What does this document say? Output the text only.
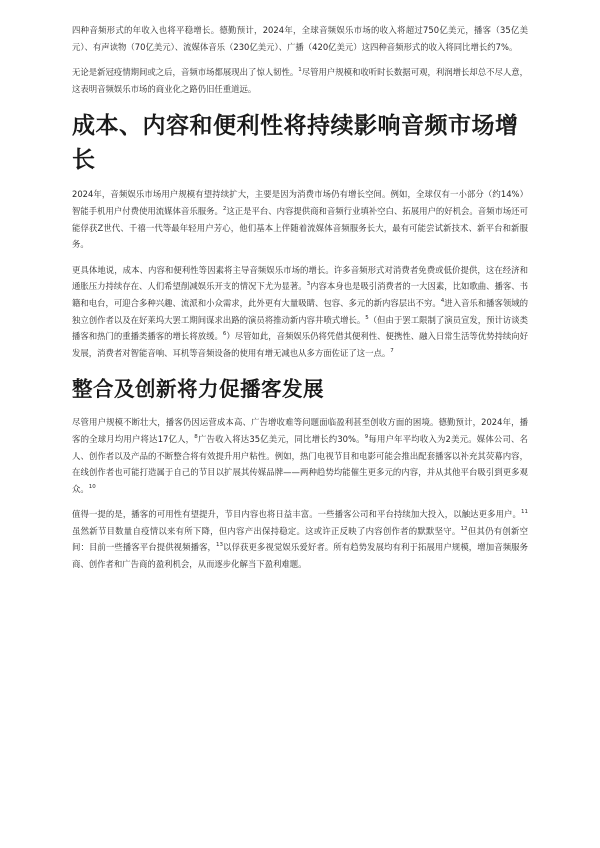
四种音频形式的年收入也将平稳增长。德勤预计，2024年，全球音频娱乐市场的收入将超过750亿美元，播客（35亿美元）、有声读物（70亿美元）、流媒体音乐（230亿美元）、广播（420亿美元）这四种音频形式的收入将同比增长约7%。

无论是新冠疫情期间或之后，音频市场都展现出了惊人韧性。$^1$尽管用户规模和收听时长数据可观，利润增长却总不尽人意，这表明音频娱乐市场的商业化之路仍旧任重道远。

成本、内容和便利性将持续影响音频市场增长

2024年，音频娱乐市场用户规模有望持续扩大，主要是因为消费市场仍有增长空间。例如，全球仅有一小部分（约14%）智能手机用户付费使用流媒体音乐服务。$^2$这正是平台、内容提供商和音频行业填补空白、拓展用户的好机会。音频市场还可能俘获Z世代、千禧一代等最年轻用户芳心，他们基本上伴随着流媒体音频服务长大，最有可能尝试新技术、新平台和新服务。

更具体地说，成本、内容和便利性等因素将主导音频娱乐市场的增长。许多音频形式对消费者免费或低价提供，这在经济和通胀压力持续存在、人们希望削减娱乐开支的情况下尤为显著。$^3$内容本身也是吸引消费者的一大因素，比如歌曲、播客、书籍和电台，可迎合多种兴趣、流派和小众需求，此外更有大量吸睛、包容、多元的新内容层出不穷。$^4$进入音乐和播客领域的独立创作者以及在好莱坞大罢工期间谋求出路的演员将推动新内容井喷式增长。$^5$（但由于罢工限制了演员宣发，预计访谈类播客和热门的重播类播客的增长将放缓。$^6$）尽管如此，音频娱乐仍将凭借其便利性、便携性、融入日常生活等优势持续向好发展，消费者对智能音响、耳机等音频设备的使用有增无减也从多方面佐证了这一点。$^7$

整合及创新将力促播客发展

尽管用户规模不断壮大，播客仍因运营成本高、广告增收难等问题面临盈利甚至创收方面的困境。德勤预计，2024年，播客的全球月均用户将达17亿人，$^8$广告收入将达35亿美元，同比增长约30%。$^9$每用户年平均收入为2美元。媒体公司、名人、创作者以及产品的不断整合将有效提升用户粘性。例如，热门电视节目和电影可能会推出配套播客以补充其荧幕内容，在线创作者也可能打造属于自己的节目以扩展其传媒品牌——两种趋势均能催生更多元的内容，并从其他平台吸引到更多观众。$^{10}$

值得一提的是，播客的可用性有望提升，节目内容也将日益丰富。一些播客公司和平台持续加大投入，以触达更多用户。$^{11}$虽然新节目数量自疫情以来有所下降，但内容产出保持稳定。这或许正反映了内容创作者的默默坚守。$^{12}$但其仍有创新空间：目前一些播客平台提供视频播客，$^{13}$以俘获更多视觉娱乐爱好者。所有趋势发展均有利于拓展用户规模，增加音频服务商、创作者和广告商的盈利机会，从而逐步化解当下盈利难题。
